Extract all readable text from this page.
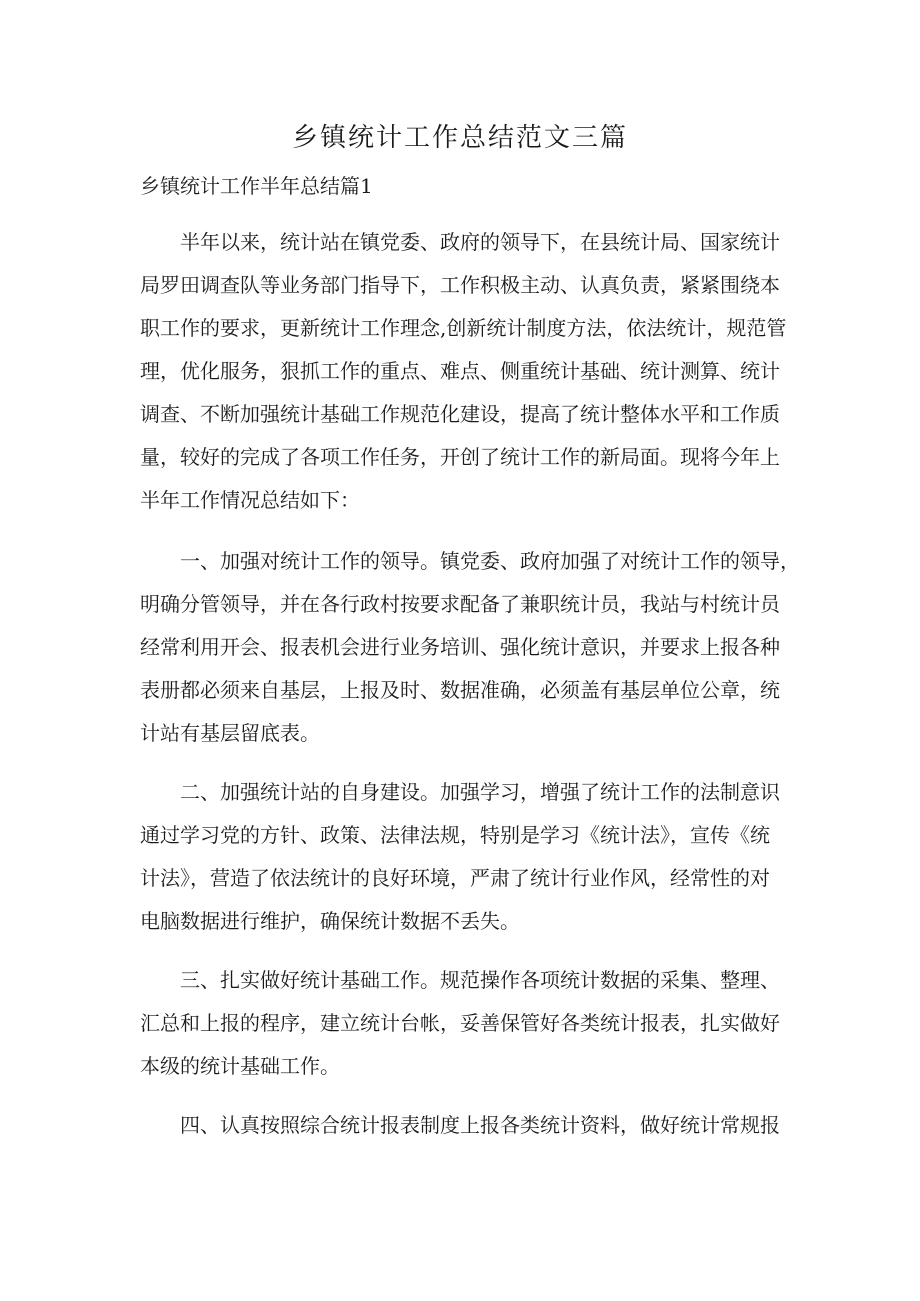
乡镇统计工作总结范文三篇
乡镇统计工作半年总结篇1

半年以来，统计站在镇党委、政府的领导下，在县统计局、国家统计

局罗田调查队等业务部门指导下，工作积极主动、认真负责，紧紧围绕本

职工作的要求，更新统计工作理念,创新统计制度方法，依法统计，规范管

理，优化服务，狠抓工作的重点、难点、侧重统计基础、统计测算、统计

调查、不断加强统计基础工作规范化建设，提高了统计整体水平和工作质

量，较好的完成了各项工作任务，开创了统计工作的新局面。现将今年上

半年工作情况总结如下：

一、加强对统计工作的领导。镇党委、政府加强了对统计工作的领导，

明确分管领导，并在各行政村按要求配备了兼职统计员，我站与村统计员

经常利用开会、报表机会进行业务培训、强化统计意识，并要求上报各种

表册都必须来自基层，上报及时、数据准确，必须盖有基层单位公章，统

计站有基层留底表。

二、加强统计站的自身建设。加强学习，增强了统计工作的法制意识

通过学习党的方针、政策、法律法规，特别是学习《统计法》，宣传《统

计法》，营造了依法统计的良好环境，严肃了统计行业作风，经常性的对

电脑数据进行维护，确保统计数据不丢失。

三、扎实做好统计基础工作。规范操作各项统计数据的采集、整理、

汇总和上报的程序，建立统计台帐，妥善保管好各类统计报表，扎实做好

本级的统计基础工作。

四、认真按照综合统计报表制度上报各类统计资料，做好统计常规报
